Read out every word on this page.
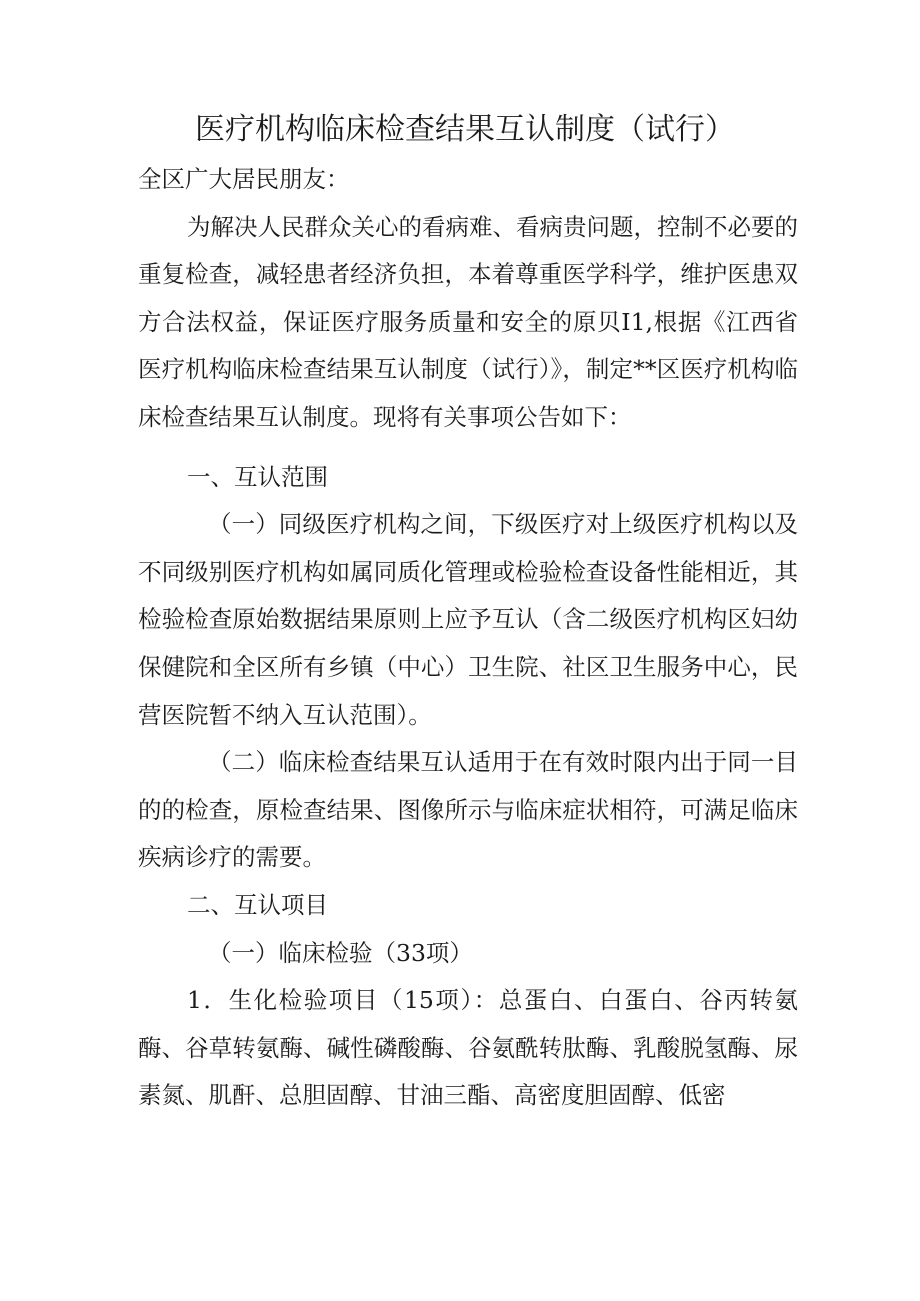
医疗机构临床检查结果互认制度（试行）

全区广大居民朋友：

为解决人民群众关心的看病难、看病贵问题，控制不必要的重复检查，减轻患者经济负担，本着尊重医学科学，维护医患双方合法权益，保证医疗服务质量和安全的原贝I1,根据《江西省医疗机构临床检查结果互认制度（试行）》，制定**区医疗机构临床检查结果互认制度。现将有关事项公告如下：

一、互认范围

（一）同级医疗机构之间，下级医疗对上级医疗机构以及不同级别医疗机构如属同质化管理或检验检查设备性能相近，其检验检查原始数据结果原则上应予互认（含二级医疗机构区妇幼保健院和全区所有乡镇（中心）卫生院、社区卫生服务中心，民营医院暂不纳入互认范围）。

（二）临床检查结果互认适用于在有效时限内出于同一目的的检查，原检查结果、图像所示与临床症状相符，可满足临床疾病诊疗的需要。

二、互认项目

（一）临床检验（33项）

1．生化检验项目（15项）：总蛋白、白蛋白、谷丙转氨酶、谷草转氨酶、碱性磷酸酶、谷氨酰转肽酶、乳酸脱氢酶、尿素氮、肌酐、总胆固醇、甘油三酯、高密度胆固醇、低密
